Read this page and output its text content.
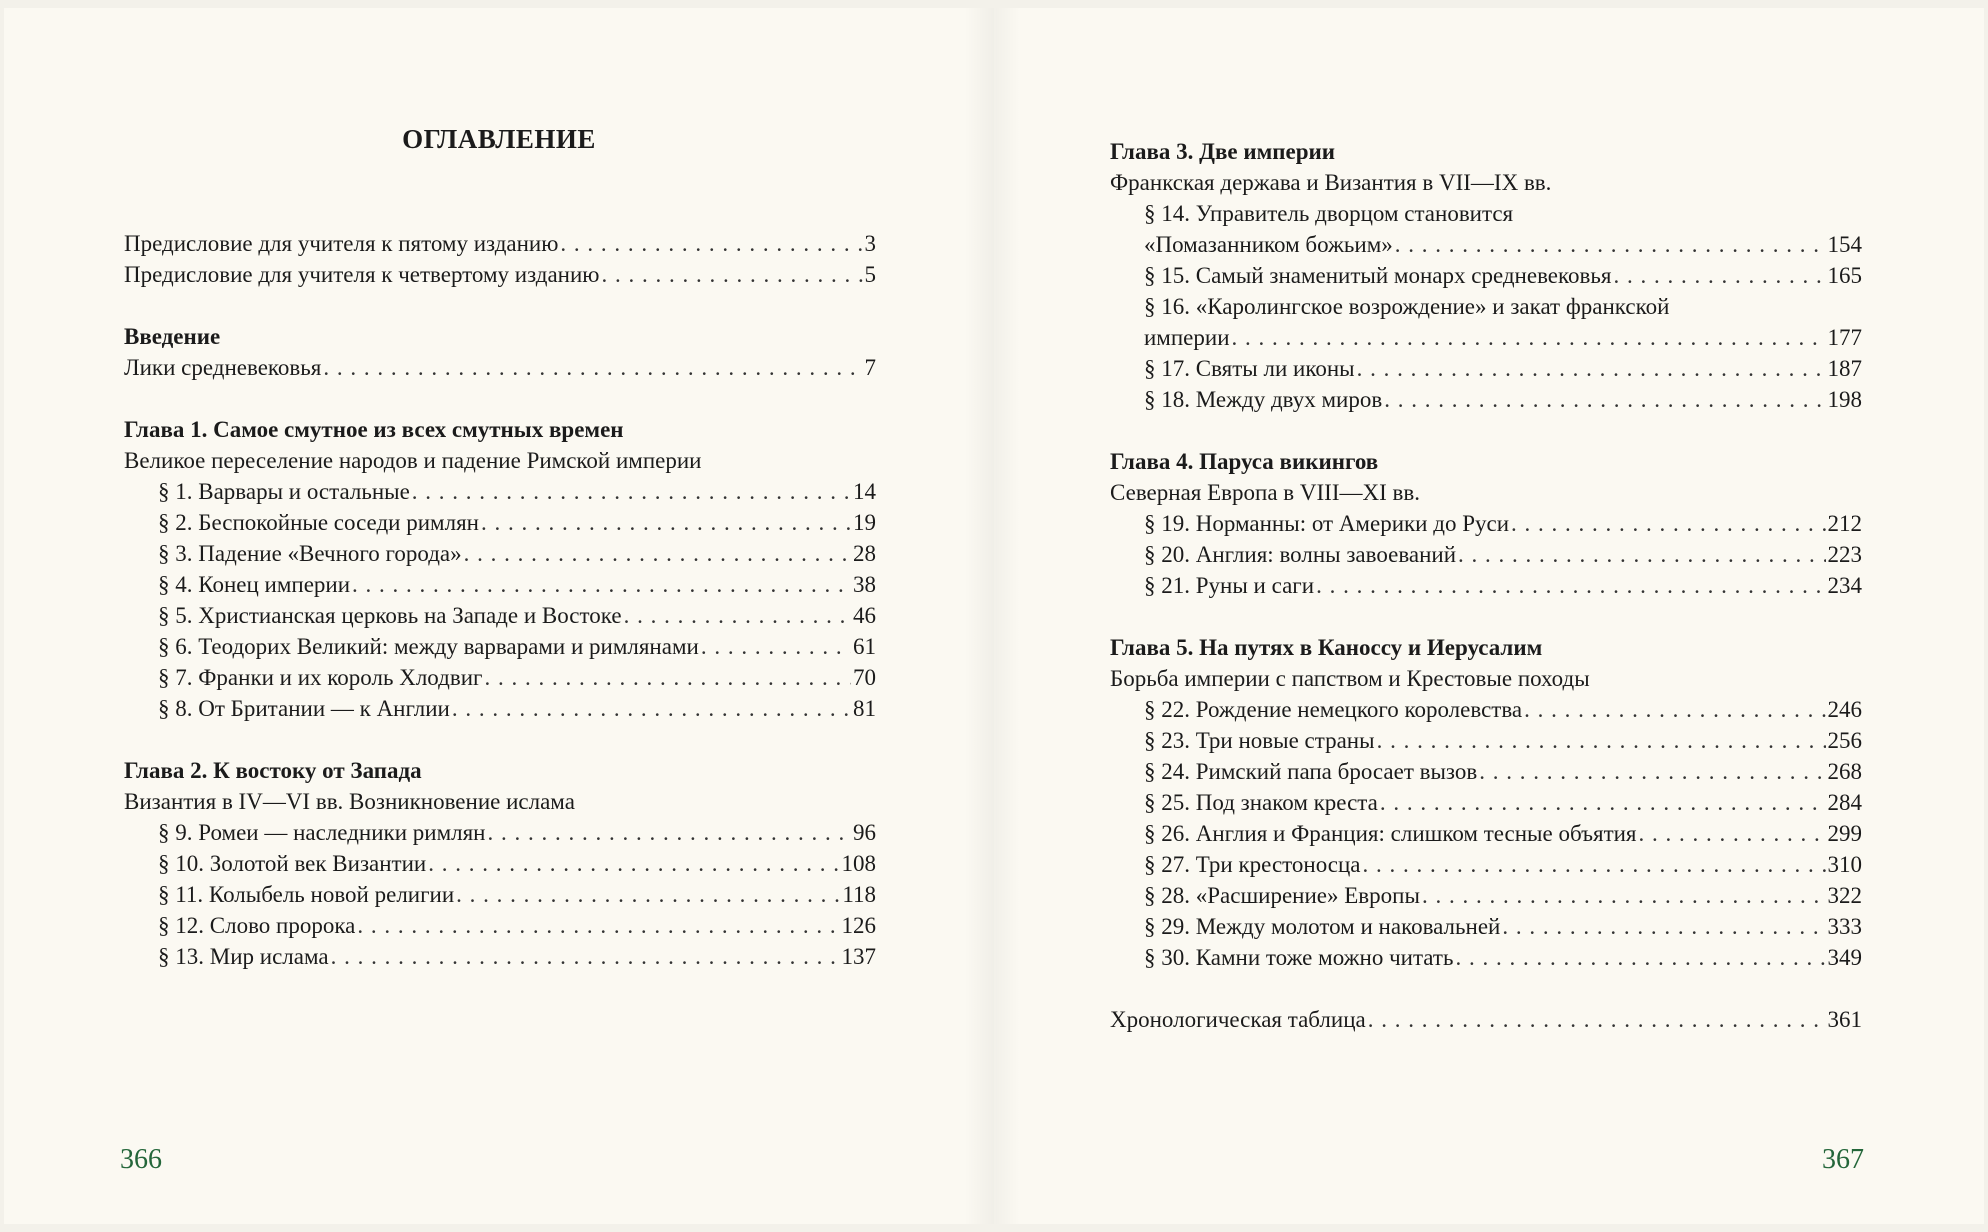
ОГЛАВЛЕНИЕ
Предисловие для учителя к пятому изданию . . .	3
Предисловие для учителя к четвертому изданию . . .	5
Введение
Лики средневековья . . .	7
Глава 1. Самое смутное из всех смутных времен
Великое переселение народов и падение Римской империи
§ 1. Варвары и остальные . . .	14
§ 2. Беспокойные соседи римлян . . .	19
§ 3. Падение «Вечного города» . . .	28
§ 4. Конец империи . . .	38
§ 5. Христианская церковь на Западе и Востоке . . .	46
§ 6. Теодорих Великий: между варварами и римлянами . . .	61
§ 7. Франки и их король Хлодвиг . . .	70
§ 8. От Британии — к Англии . . .	81
Глава 2. К востоку от Запада
Византия в IV—VI вв. Возникновение ислама
§ 9. Ромеи — наследники римлян . . .	96
§ 10. Золотой век Византии . . .	108
§ 11. Колыбель новой религии . . .	118
§ 12. Слово пророка . . .	126
§ 13. Мир ислама . . .	137
366
Глава 3. Две империи
Франкская держава и Византия в VII—IX вв.
§ 14. Управитель дворцом становится
«Помазанником божьим» . . .	154
§ 15. Самый знаменитый монарх средневековья . . .	165
§ 16. «Каролингское возрождение» и закат франкской
империи . . .	177
§ 17. Святы ли иконы . . .	187
§ 18. Между двух миров . . .	198
Глава 4. Паруса викингов
Северная Европа в VIII—XI вв.
§ 19. Норманны: от Америки до Руси . . .	212
§ 20. Англия: волны завоеваний . . .	223
§ 21. Руны и саги . . .	234
Глава 5. На путях в Каноссу и Иерусалим
Борьба империи с папством и Крестовые походы
§ 22. Рождение немецкого королевства . . .	246
§ 23. Три новые страны . . .	256
§ 24. Римский папа бросает вызов . . .	268
§ 25. Под знаком креста . . .	284
§ 26. Англия и Франция: слишком тесные объятия . . .	299
§ 27. Три крестоносца . . .	310
§ 28. «Расширение» Европы . . .	322
§ 29. Между молотом и наковальней . . .	333
§ 30. Камни тоже можно читать . . .	349
Хронологическая таблица . . .	361
367
